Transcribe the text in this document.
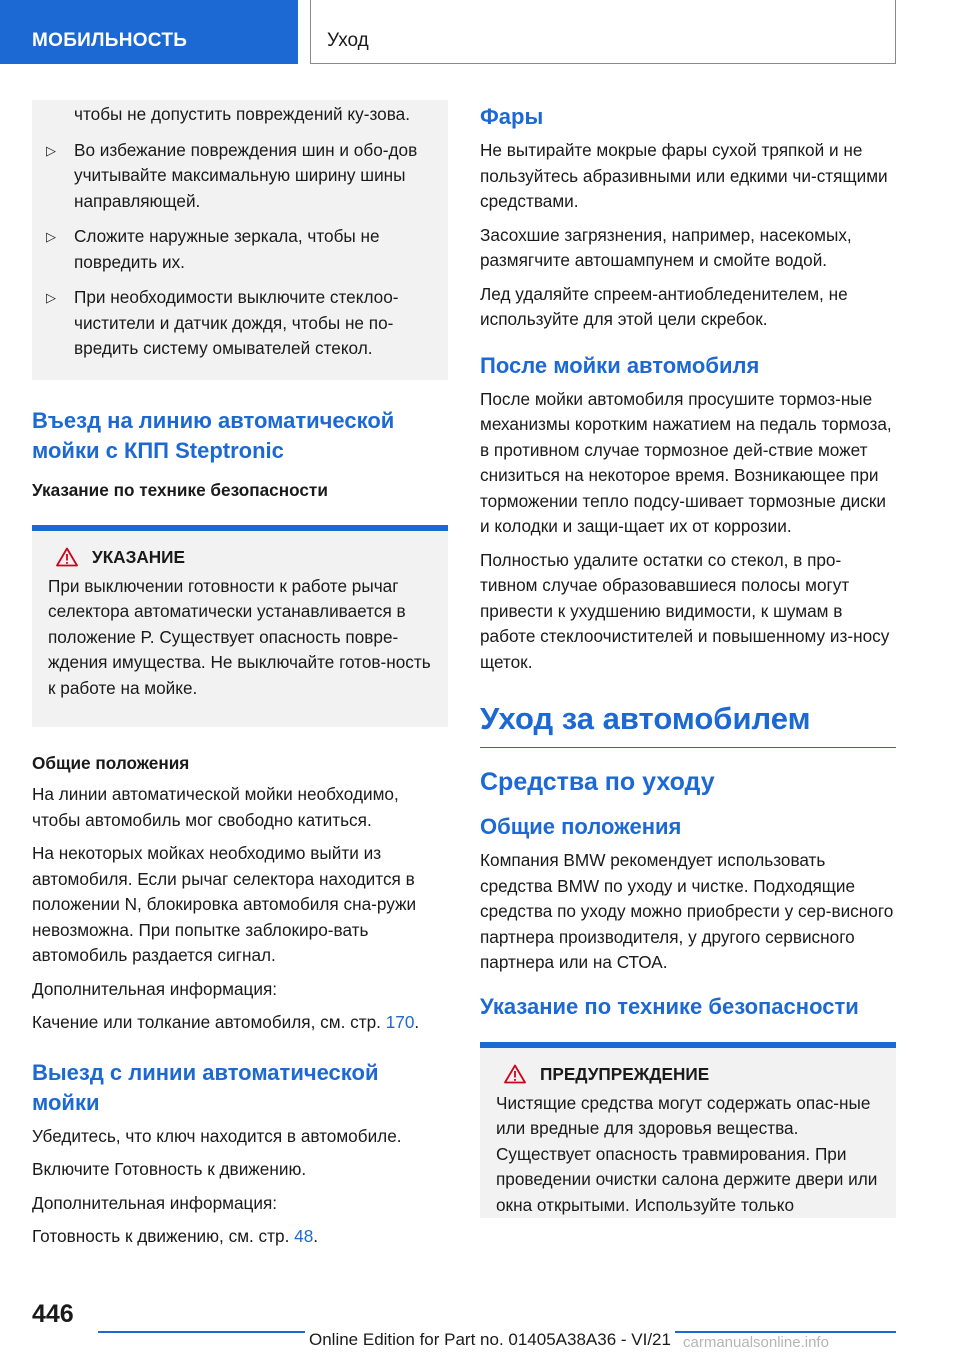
МОБИЛЬНОСТЬ	Уход
чтобы не допустить повреждений ку-зова.
▷ Во избежание повреждения шин и обо-дов учитывайте максимальную ширину шины направляющей.
▷ Сложите наружные зеркала, чтобы не повредить их.
▷ При необходимости выключите стеклоо-чистители и датчик дождя, чтобы не по-вредить систему омывателей стекол.
Въезд на линию автоматической мойки с КПП Steptronic
Указание по технике безопасности
УКАЗАНИЕ

При выключении готовности к работе рычаг селектора автоматически устанавливается в положение P. Существует опасность повре-ждения имущества. Не выключайте готов-ность к работе на мойке.

Общие положения

На линии автоматической мойки необходимо, чтобы автомобиль мог свободно катиться.

На некоторых мойках необходимо выйти из автомобиля. Если рычаг селектора находится в положении N, блокировка автомобиля сна-ружи невозможна. При попытке заблокиро-вать автомобиль раздается сигнал.

Дополнительная информация:

Качение или толкание автомобиля, см. стр. 170.

Выезд с линии автоматической мойки

Убедитесь, что ключ находится в автомобиле.

Включите Готовность к движению.

Дополнительная информация:

Готовность к движению, см. стр. 48.

Фары

Не вытирайте мокрые фары сухой тряпкой и не пользуйтесь абразивными или едкими чи-стящими средствами.

Засохшие загрязнения, например, насекомых, размягчите автошампунем и смойте водой.

Лед удаляйте спреем-антиобледенителем, не используйте для этой цели скребок.

После мойки автомобиля

После мойки автомобиля просушите тормоз-ные механизмы коротким нажатием на педаль тормоза, в противном случае тормозное дей-ствие может снизиться на некоторое время. Возникающее при торможении тепло подсу-шивает тормозные диски и колодки и защи-щает их от коррозии.

Полностью удалите остатки со стекол, в про-тивном случае образовавшиеся полосы могут привести к ухудшению видимости, к шумам в работе стеклоочистителей и повышенному из-носу щеток.

Уход за автомобилем
Средства по уходу
Общие положения

Компания BMW рекомендует использовать средства BMW по уходу и чистке. Подходящие средства по уходу можно приобрести у сер-висного партнера производителя, у другого сервисного партнера или на СТОА.

Указание по технике безопасности
ПРЕДУПРЕЖДЕНИЕ

Чистящие средства могут содержать опас-ные или вредные для здоровья вещества. Существует опасность травмирования. При проведении очистки салона держите двери или окна открытыми. Используйте только

446
Online Edition for Part no. 01405A38A36 - VI/21 carmanualsonline.info
